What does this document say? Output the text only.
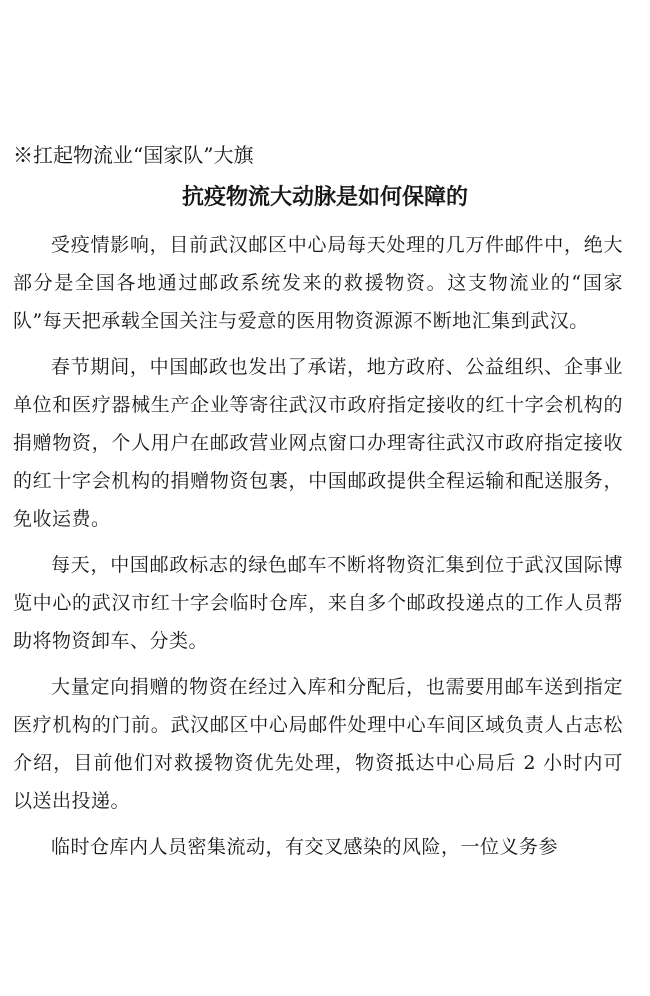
※扛起物流业“国家队”大旗
抗疫物流大动脉是如何保障的

受疫情影响，目前武汉邮区中心局每天处理的几万件邮件中，绝大部分是全国各地通过邮政系统发来的救援物资。这支物流业的“国家队”每天把承载全国关注与爱意的医用物资源源不断地汇集到武汉。

春节期间，中国邮政也发出了承诺，地方政府、公益组织、企事业单位和医疗器械生产企业等寄往武汉市政府指定接收的红十字会机构的捐赠物资，个人用户在邮政营业网点窗口办理寄往武汉市政府指定接收的红十字会机构的捐赠物资包裹，中国邮政提供全程运输和配送服务，免收运费。

每天，中国邮政标志的绿色邮车不断将物资汇集到位于武汉国际博览中心的武汉市红十字会临时仓库，来自多个邮政投递点的工作人员帮助将物资卸车、分类。

大量定向捐赠的物资在经过入库和分配后，也需要用邮车送到指定医疗机构的门前。武汉邮区中心局邮件处理中心车间区域负责人占志松介绍，目前他们对救援物资优先处理，物资抵达中心局后 2 小时内可以送出投递。

临时仓库内人员密集流动，有交叉感染的风险，一位义务参
